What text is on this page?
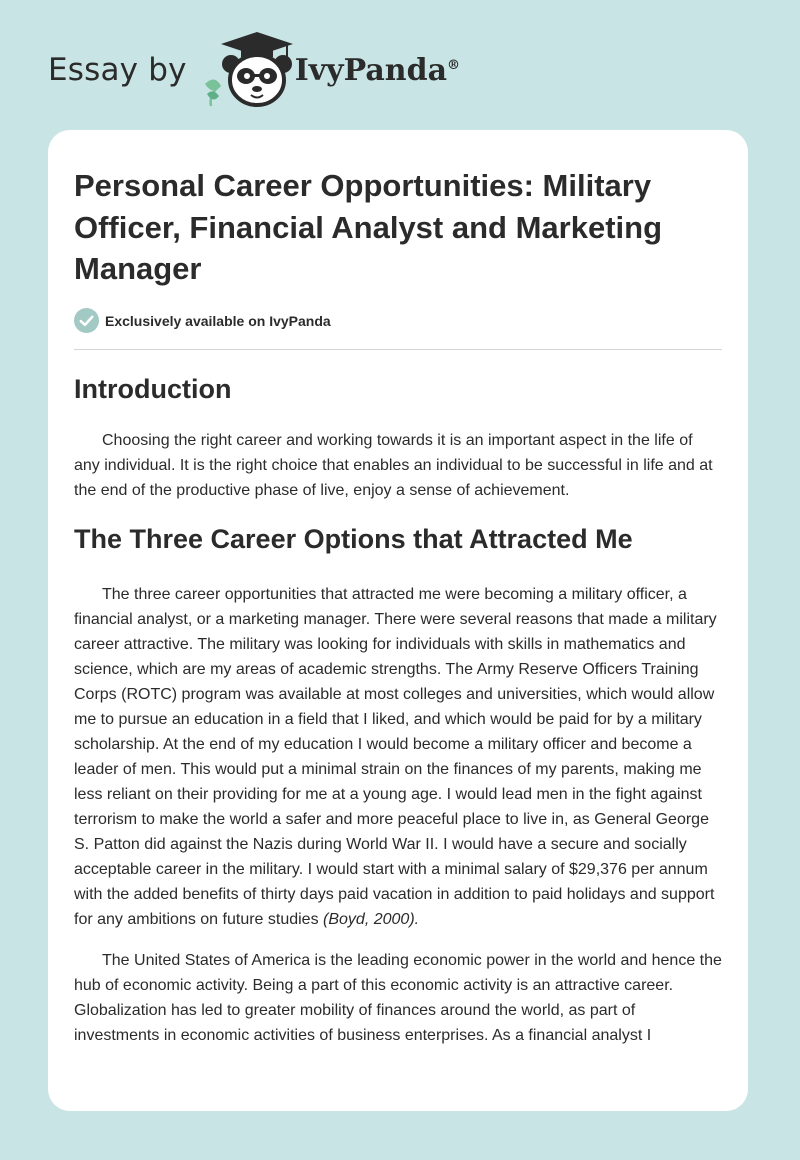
Essay by	IvyPanda®
Personal Career Opportunities: Military Officer, Financial Analyst and Marketing Manager
Exclusively available on IvyPanda
Introduction

Choosing the right career and working towards it is an important aspect in the life of any individual. It is the right choice that enables an individual to be successful in life and at the end of the productive phase of live, enjoy a sense of achievement.

The Three Career Options that Attracted Me

The three career opportunities that attracted me were becoming a military officer, a financial analyst, or a marketing manager. There were several reasons that made a military career attractive. The military was looking for individuals with skills in mathematics and science, which are my areas of academic strengths. The Army Reserve Officers Training Corps (ROTC) program was available at most colleges and universities, which would allow me to pursue an education in a field that I liked, and which would be paid for by a military scholarship. At the end of my education I would become a military officer and become a leader of men. This would put a minimal strain on the finances of my parents, making me less reliant on their providing for me at a young age. I would lead men in the fight against terrorism to make the world a safer and more peaceful place to live in, as General George S. Patton did against the Nazis during World War II. I would have a secure and socially acceptable career in the military. I would start with a minimal salary of $29,376 per annum with the added benefits of thirty days paid vacation in addition to paid holidays and support for any ambitions on future studies (Boyd, 2000).

The United States of America is the leading economic power in the world and hence the hub of economic activity. Being a part of this economic activity is an attractive career. Globalization has led to greater mobility of finances around the world, as part of investments in economic activities of business enterprises. As a financial analyst I
